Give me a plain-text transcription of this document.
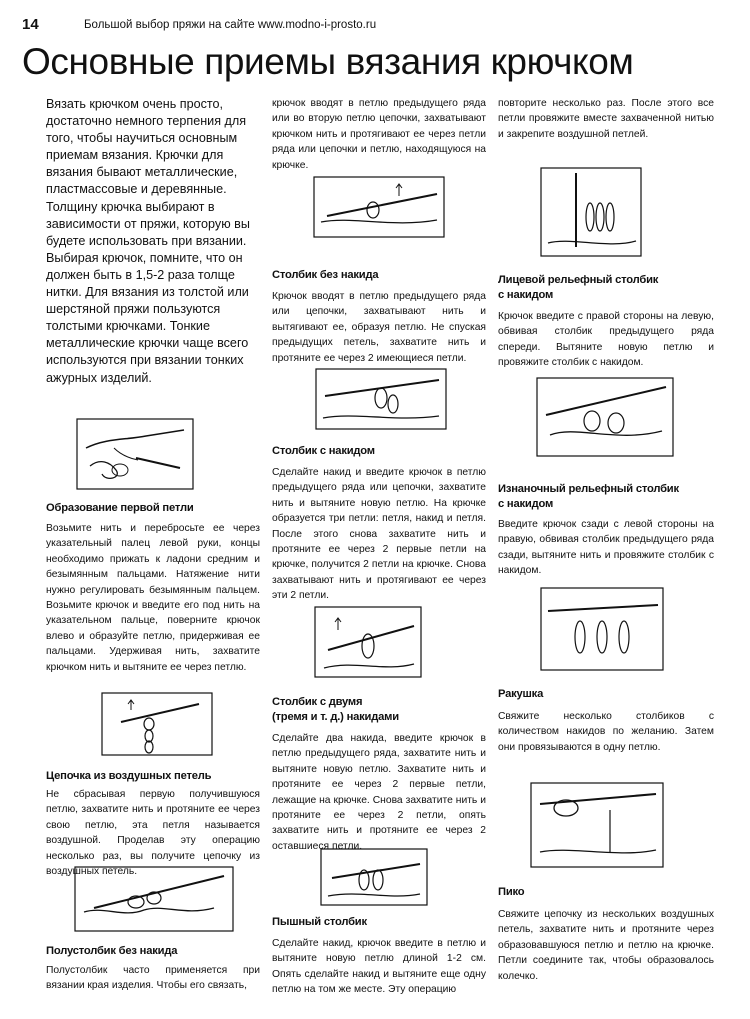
14	Большой выбор пряжи на сайте www.modno-i-prosto.ru
Основные приемы вязания крючком
Вязать крючком очень просто, достаточно немного терпения для того, чтобы научиться основным приемам вязания. Крючки для вязания бывают металлические, пластмассовые и деревянные. Толщину крючка выбирают в зависимости от пряжи, которую вы будете использовать при вязании. Выбирая крючок, помните, что он должен быть в 1,5-2 раза толще нитки. Для вязания из толстой или шерстяной пряжи пользуются толстыми крючками. Тонкие металлические крючки чаще всего используются при вязании тонких ажурных изделий.
Образование первой петли
Возьмите нить и перебросьте ее через указательный палец левой руки, концы необходимо прижать к ладони средним и безымянным пальцами. Натяжение нити нужно регулировать безымянным пальцем. Возьмите крючок и введите его под нить на указательном пальце, поверните крючок влево и образуйте петлю, придерживая ее пальцами. Удерживая нить, захватите крючком нить и вытяните ее через петлю.
Цепочка из воздушных петель
Не сбрасывая первую получившуюся петлю, захватите нить и протяните ее через свою петлю, эта петля называется воздушной. Проделав эту операцию несколько раз, вы получите цепочку из воздушных петель.
Полустолбик без накида
Полустолбик часто применяется при вязании края изделия. Чтобы его связать,
крючок вводят в петлю предыдущего ряда или во вторую петлю цепочки, захватывают крючком нить и протягивают ее через петли ряда или цепочки и петлю, находящуюся на крючке.
Столбик без накида
Крючок вводят в петлю предыдущего ряда или цепочки, захватывают нить и вытягивают ее, образуя петлю. Не спуская предыдущих петель, захватите нить и протяните ее через 2 имеющиеся петли.
Столбик с накидом
Сделайте накид и введите крючок в петлю предыдущего ряда или цепочки, захватите нить и вытяните новую петлю. На крючке образуется три петли: петля, накид и петля. После этого снова захватите нить и протяните ее через 2 первые петли на крючке, получится 2 петли на крючке. Снова захватывают нить и протягивают ее через эти 2 петли.
Столбик с двумя
(тремя и т. д.) накидами
Сделайте два накида, введите крючок в петлю предыдущего ряда, захватите нить и вытяните новую петлю. Захватите нить и протяните ее через 2 первые петли, лежащие на крючке. Снова захватите нить и протяните ее через 2 петли, опять захватите нить и протяните ее через 2 оставшиеся петли.
Пышный столбик
Сделайте накид, крючок введите в петлю и вытяните новую петлю длиной 1-2 см. Опять сделайте накид и вытяните еще одну петлю на том же месте. Эту операцию
повторите несколько раз. После этого все петли провяжите вместе захваченной нитью и закрепите воздушной петлей.
Лицевой рельефный столбик
с накидом
Крючок введите с правой стороны на левую, обвивая столбик предыдущего ряда спереди. Вытяните новую петлю и провяжите столбик с накидом.
Изнаночный рельефный столбик
с накидом
Введите крючок сзади с левой стороны на правую, обвивая столбик предыдущего ряда сзади, вытяните нить и провяжите столбик с накидом.
Ракушка
Свяжите несколько столбиков с количеством накидов по желанию. Затем они провязываются в одну петлю.
Пико
Свяжите цепочку из нескольких воздушных петель, захватите нить и протяните через образовавшуюся петлю и петлю на крючке. Петли соедините так, чтобы образовалось колечко.
